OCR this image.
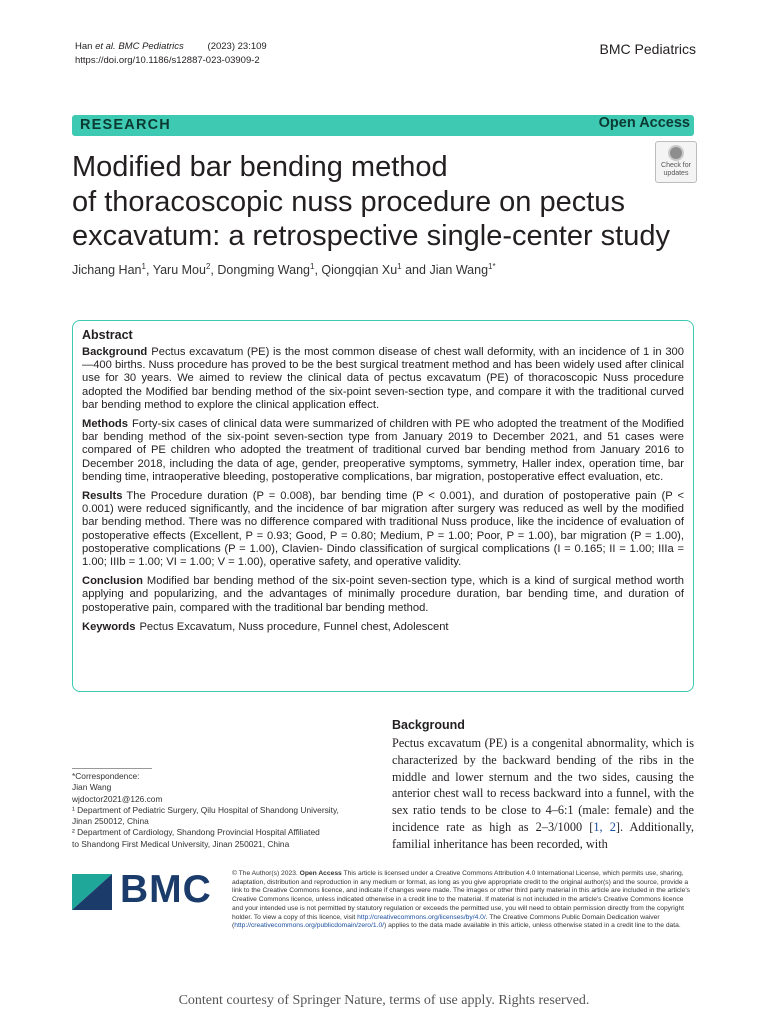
Han et al. BMC Pediatrics	(2023) 23:109
https://doi.org/10.1186/s12887-023-03909-2
BMC Pediatrics
RESEARCH	Open Access
Check for
updates
Modified bar bending method
of thoracoscopic nuss procedure on pectus
excavatum: a retrospective single-center study
Jichang Han$^1$, Yaru Mou$^2$, Dongming Wang$^1$, Qiongqian Xu$^1$ and Jian Wang$^{1*}$
Abstract

Background Pectus excavatum (PE) is the most common disease of chest wall deformity, with an incidence of 1 in 300—400 births. Nuss procedure has proved to be the best surgical treatment method and has been widely used after clinical use for 30 years. We aimed to review the clinical data of pectus excavatum (PE) of thoracoscopic Nuss procedure adopted the Modified bar bending method of the six-point seven-section type, and compare it with the traditional curved bar bending method to explore the clinical application effect.

Methods Forty-six cases of clinical data were summarized of children with PE who adopted the treatment of the Modified bar bending method of the six-point seven-section type from January 2019 to December 2021, and 51 cases were compared of PE children who adopted the treatment of traditional curved bar bending method from January 2016 to December 2018, including the data of age, gender, preoperative symptoms, symmetry, Haller index, operation time, bar bending time, intraoperative bleeding, postoperative complications, bar migration, postoperative effect evaluation, etc.

Results The Procedure duration (P = 0.008), bar bending time (P < 0.001), and duration of postoperative pain (P < 0.001) were reduced significantly, and the incidence of bar migration after surgery was reduced as well by the modified bar bending method. There was no difference compared with traditional Nuss produce, like the incidence of evaluation of postoperative effects (Excellent, P = 0.93; Good, P = 0.80; Medium, P = 1.00; Poor, P = 1.00), bar migration (P = 1.00), postoperative complications (P = 1.00), Clavien- Dindo classification of surgical complications (I = 0.165; II = 1.00; IIIa = 1.00; IIIb = 1.00; VI = 1.00; V = 1.00), operative safety, and operative validity.

Conclusion Modified bar bending method of the six-point seven-section type, which is a kind of surgical method worth applying and popularizing, and the advantages of minimally procedure duration, bar bending time, and duration of postoperative pain, compared with the traditional bar bending method.

Keywords Pectus Excavatum, Nuss procedure, Funnel chest, Adolescent

*Correspondence:
Jian Wang
wjdoctor2021@126.com
¹ Department of Pediatric Surgery, Qilu Hospital of Shandong University,
Jinan 250012, China
² Department of Cardiology, Shandong Provincial Hospital Affiliated
to Shandong First Medical University, Jinan 250021, China
Background
Pectus excavatum (PE) is a congenital abnormality, which is characterized by the backward bending of the ribs in the middle and lower sternum and the two sides, causing the anterior chest wall to recess backward into a funnel, with the sex ratio tends to be close to 4–6:1 (male: female) and the incidence rate as high as 2–3/1000 [1, 2]. Additionally, familial inheritance has been recorded, with
BMC	© The Author(s) 2023. Open Access This article is licensed under a Creative Commons Attribution 4.0 International License, which permits use, sharing, adaptation, distribution and reproduction in any medium or format, as long as you give appropriate credit to the original author(s) and the source, provide a link to the Creative Commons licence, and indicate if changes were made. The images or other third party material in this article are included in the article's Creative Commons licence, unless indicated otherwise in a credit line to the material. If material is not included in the article's Creative Commons licence and your intended use is not permitted by statutory regulation or exceeds the permitted use, you will need to obtain permission directly from the copyright holder. To view a copy of this licence, visit http://creativecommons.org/licenses/by/4.0/. The Creative Commons Public Domain Dedication waiver (http://creativecommons.org/publicdomain/zero/1.0/) applies to the data made available in this article, unless otherwise stated in a credit line to the data.
Content courtesy of Springer Nature, terms of use apply. Rights reserved.
